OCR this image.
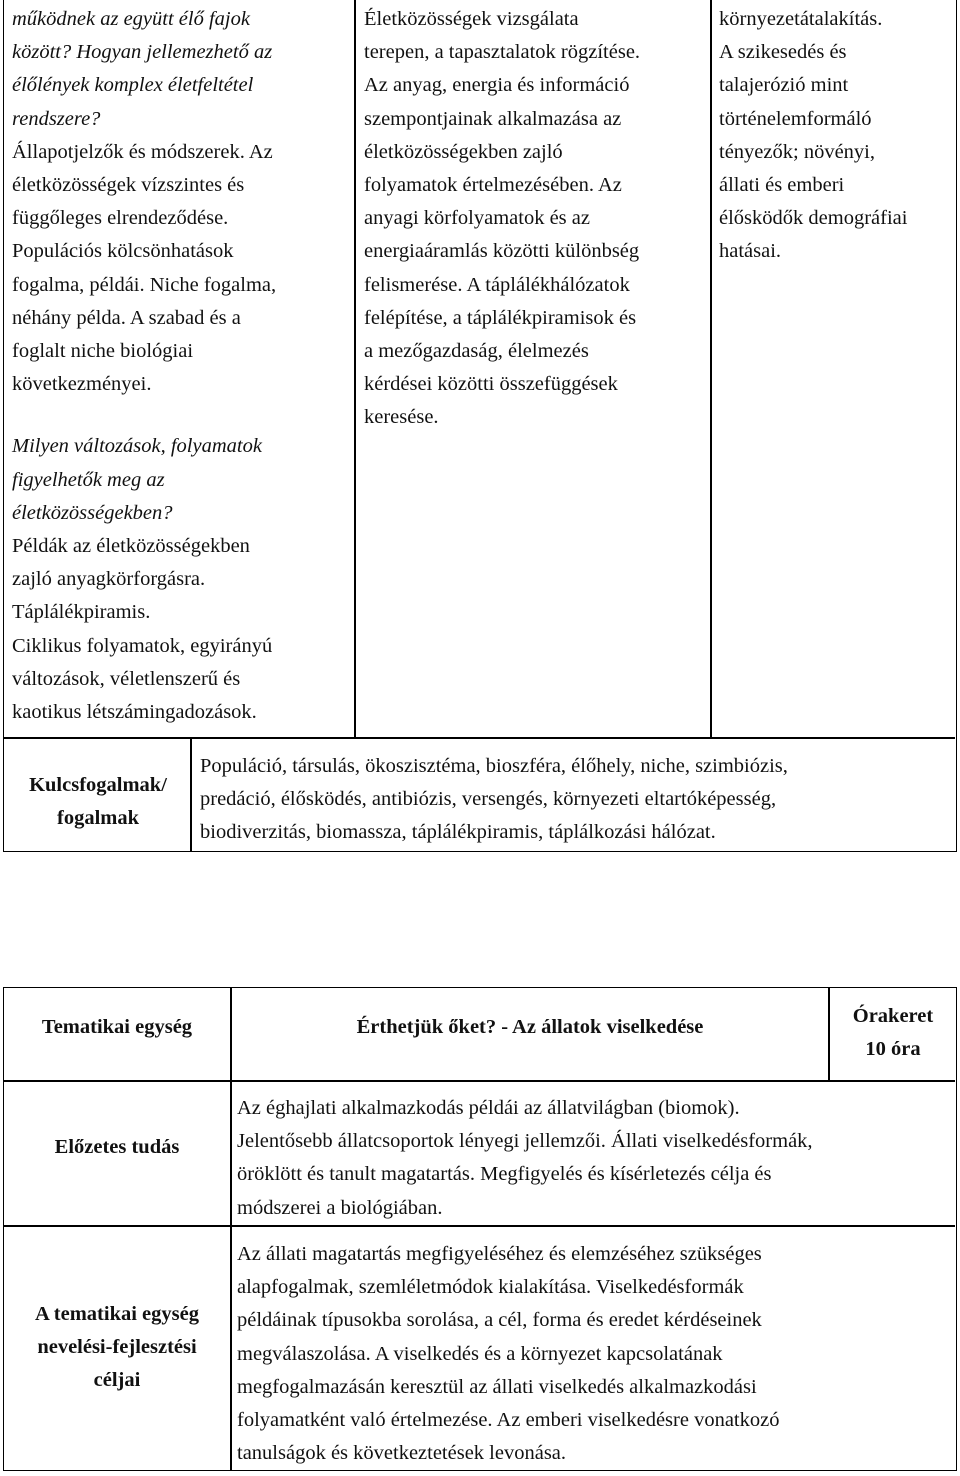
működnek az együtt élő fajok
között? Hogyan jellemezhető az
élőlények komplex életfeltétel
rendszere?
Állapotjelzők és módszerek. Az
életközösségek vízszintes és
függőleges elrendeződése.
Populációs kölcsönhatások
fogalma, példái. Niche fogalma,
néhány példa. A szabad és a
foglalt niche biológiai
következményei.
Milyen változások, folyamatok
figyelhetők meg az
életközösségekben?
Példák az életközösségekben
zajló anyagkörforgásra.
Táplálékpiramis.
Ciklikus folyamatok, egyirányú
változások, véletlenszerű és
kaotikus létszámingadozások.
Életközösségek vizsgálata
terepen, a tapasztalatok rögzítése.
Az anyag, energia és információ
szempontjainak alkalmazása az
életközösségekben zajló
folyamatok értelmezésében. Az
anyagi körfolyamatok és az
energiaáramlás közötti különbség
felismerése. A táplálékhálózatok
felépítése, a táplálékpiramisok és
a mezőgazdaság, élelmezés
kérdései közötti összefüggések
keresése.
környezetátalakítás.
A szikesedés és
talajerózió mint
történelemformáló
tényezők; növényi,
állati és emberi
élősködők demográfiai
hatásai.
Kulcsfogalmak/
fogalmak
Populáció, társulás, ökoszisztéma, bioszféra, élőhely, niche, szimbiózis,
predáció, élősködés, antibiózis, versengés, környezeti eltartóképesség,
biodiverzitás, biomassza, táplálékpiramis, táplálkozási hálózat.
Tematikai egység	Érthetjük őket? - Az állatok viselkedése	Órakeret
10 óra
Előzetes tudás
Az éghajlati alkalmazkodás példái az állatvilágban (biomok).
Jelentősebb állatcsoportok lényegi jellemzői. Állati viselkedésformák,
öröklött és tanult magatartás. Megfigyelés és kísérletezés célja és
módszerei a biológiában.
A tematikai egység
nevelési-fejlesztési
céljai
Az állati magatartás megfigyeléséhez és elemzéséhez szükséges
alapfogalmak, szemléletmódok kialakítása. Viselkedésformák
példáinak típusokba sorolása, a cél, forma és eredet kérdéseinek
megválaszolása. A viselkedés és a környezet kapcsolatának
megfogalmazásán keresztül az állati viselkedés alkalmazkodási
folyamatként való értelmezése. Az emberi viselkedésre vonatkozó
tanulságok és következtetések levonása.
